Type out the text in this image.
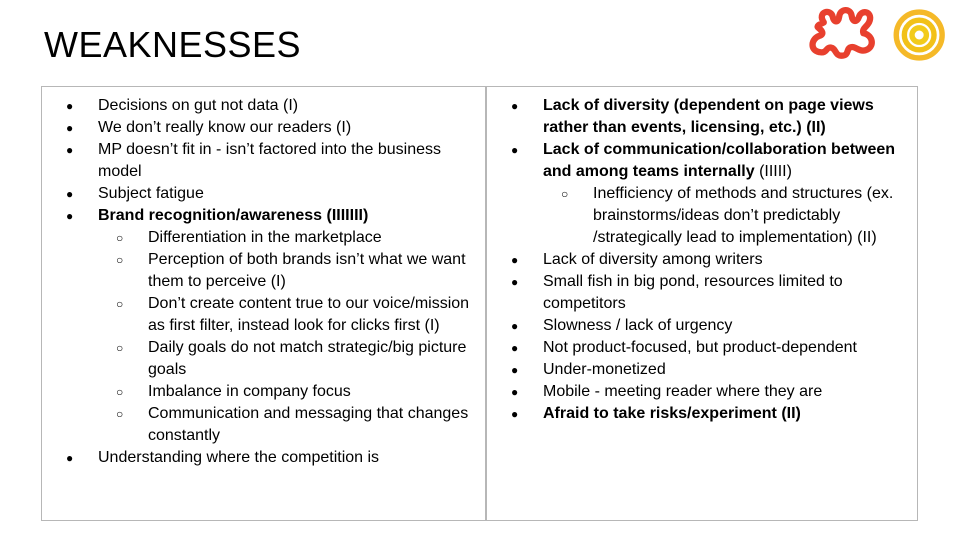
WEAKNESSES
●	Decisions on gut not data (I)
●	We don’t really know our readers (I)
●	MP doesn’t fit in - isn’t factored into the business model
●	Subject fatigue
●	Brand recognition/awareness (IIIIIII)
○	Differentiation in the marketplace
○	Perception of both brands isn’t what we want them to perceive (I)
○	Don’t create content true to our voice/mission as first filter, instead look for clicks first (I)
○	Daily goals do not match strategic/big picture goals
○	Imbalance in company focus
○	Communication and messaging that changes constantly
●	Understanding where the competition is
●	Lack of diversity (dependent on page views rather than events, licensing, etc.) (II)
●	Lack of communication/collaboration between and among teams internally (IIIII)
○	Inefficiency of methods and structures (ex. brainstorms/ideas don’t predictably /strategically lead to implementation) (II)
●	Lack of diversity among writers
●	Small fish in big pond, resources limited to competitors
●	Slowness / lack of urgency
●	Not product-focused, but product-dependent
●	Under-monetized
●	Mobile - meeting reader where they are
●	Afraid to take risks/experiment (II)
